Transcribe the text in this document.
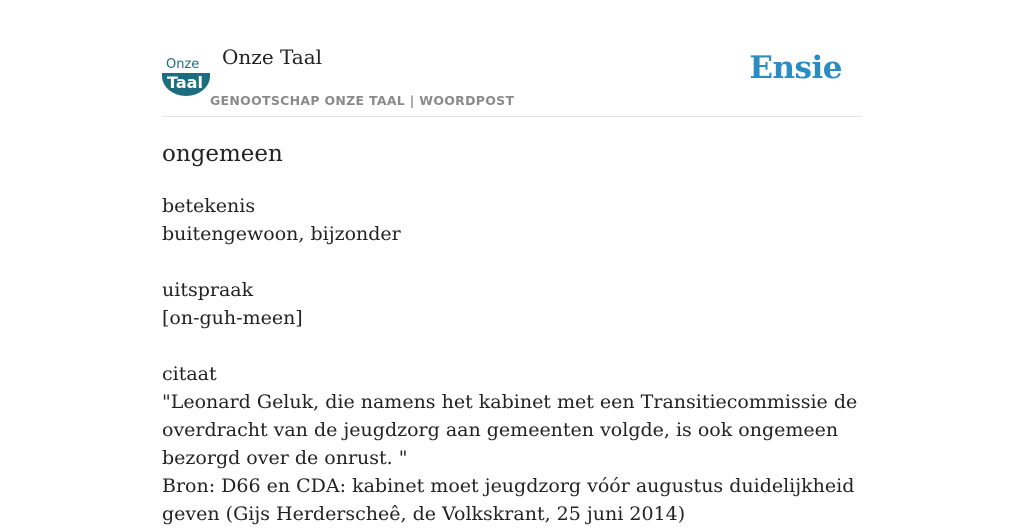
Onze
Taal
Onze Taal
GENOOTSCHAP ONZE TAAL | WOORDPOST
Ensie
ongemeen

betekenis

buitengewoon, bijzonder

uitspraak

[on-guh-meen]

citaat

"Leonard Geluk, die namens het kabinet met een Transitiecommissie de overdracht van de jeugdzorg aan gemeenten volgde, is ook ongemeen bezorgd over de onrust. "

Bron: D66 en CDA: kabinet moet jeugdzorg vóór augustus duidelijkheid geven (Gijs Herderscheê, de Volkskrant, 25 juni 2014)
